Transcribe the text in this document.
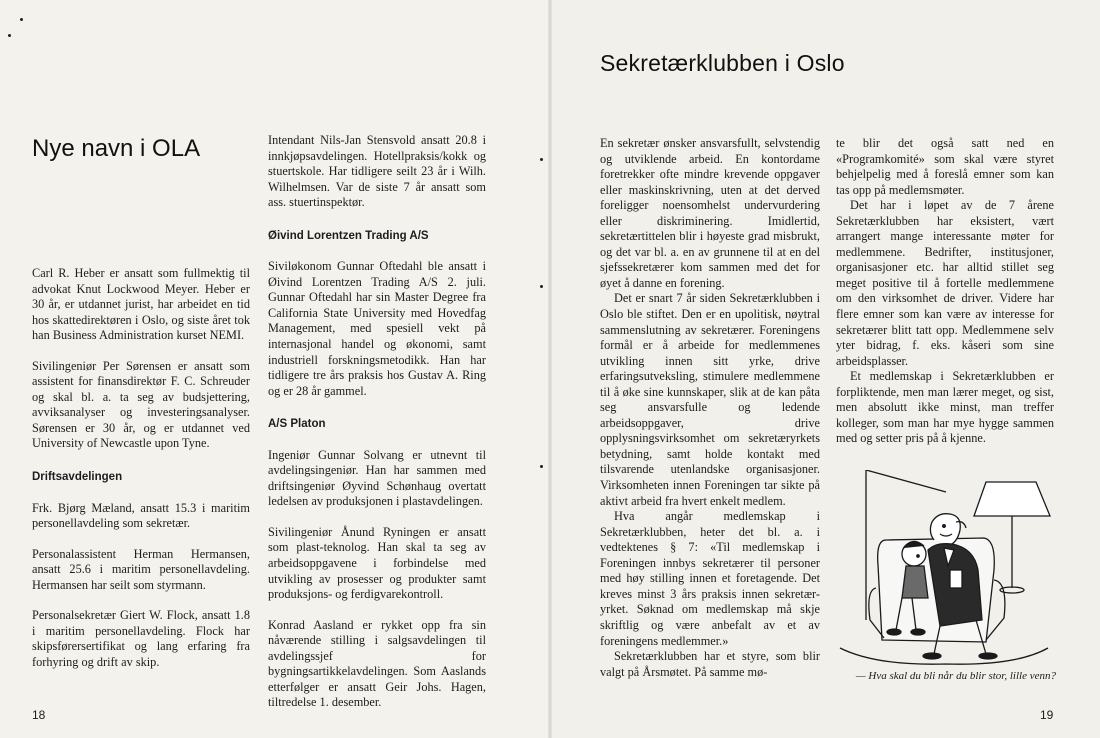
Nye navn i OLA
Sekretærklubben i Oslo

Carl R. Heber er ansatt som fullmektig til advokat Knut Lockwood Meyer. Heber er 30 år, er utdannet jurist, har arbeidet en tid hos skattedirektøren i Oslo, og siste året tok han Business Administration kurset NEMI.

Sivilingeniør Per Sørensen er ansatt som assistent for finansdirektør F. C. Schreuder og skal bl. a. ta seg av budsjettering, avviksanalyser og investeringsanalyser. Sørensen er 30 år, og er utdannet ved University of Newcastle upon Tyne.

Driftsavdelingen

Frk. Bjørg Mæland, ansatt 15.3 i maritim personellavdeling som sekretær.

Personalassistent Herman Hermansen, ansatt 25.6 i maritim personellavdeling. Hermansen har seilt som styrmann.

Personalsekretær Giert W. Flock, ansatt 1.8 i maritim personellavdeling. Flock har skipsførersertifikat og lang erfaring fra forhyring og drift av skip.

Intendant Nils-Jan Stensvold ansatt 20.8 i innkjøpsavdelingen. Hotellpraksis/kokk og stuertskole. Har tidligere seilt 23 år i Wilh. Wilhelmsen. Var de siste 7 år ansatt som ass. stuertinspektør.

Øivind Lorentzen Trading A/S

Siviløkonom Gunnar Oftedahl ble ansatt i Øivind Lorentzen Trading A/S 2. juli. Gunnar Oftedahl har sin Master Degree fra California State University med Hovedfag Management, med spesiell vekt på internasjonal handel og økonomi, samt industriell forskningsmetodikk. Han har tidligere tre års praksis hos Gustav A. Ring og er 28 år gammel.

A/S Platon

Ingeniør Gunnar Solvang er utnevnt til avdelingsingeniør. Han har sammen med driftsingeniør Øyvind Schønhaug overtatt ledelsen av produksjonen i plastavdelingen.

Sivilingeniør Ånund Ryningen er ansatt som plast-teknolog. Han skal ta seg av arbeidsoppgavene i forbindelse med utvikling av prosesser og produkter samt produksjons- og ferdigvarekontroll.

Konrad Aasland er rykket opp fra sin nåværende stilling i salgsavdelingen til avdelingssjef for bygningsartikkelavdelingen. Som Aaslands etterfølger er ansatt Geir Johs. Hagen, tiltredelse 1. desember.

En sekretær ønsker ansvarsfullt, selvstendig og utviklende arbeid. En kontordame foretrekker ofte mindre krevende oppgaver eller maskinskrivning, uten at det derved foreligger noensomhelst undervurdering eller diskriminering. Imidlertid, sekretærtittelen blir i høyeste grad misbrukt, og det var bl. a. en av grunnene til at en del sjefssekretærer kom sammen med det for øyet å danne en forening.

Det er snart 7 år siden Sekretærklubben i Oslo ble stiftet. Den er en upolitisk, nøytral sammenslutning av sekretærer. Foreningens formål er å arbeide for medlemmenes utvikling innen sitt yrke, drive erfaringsutveksling, stimulere medlemmene til å øke sine kunnskaper, slik at de kan påta seg ansvarsfulle og ledende arbeidsoppgaver, drive opplysningsvirksomhet om sekretæryrkets betydning, samt holde kontakt med tilsvarende utenlandske organisasjoner. Virksomheten innen Foreningen tar sikte på aktivt arbeid fra hvert enkelt medlem.

Hva angår medlemskap i Sekretærklubben, heter det bl. a. i vedtektenes § 7: «Til medlemskap i Foreningen innbys sekretærer til personer med høy stilling innen et foretagende. Det kreves minst 3 års praksis innen sekretær-yrket. Søknad om medlemskap må skje skriftlig og være anbefalt av et av foreningens medlemmer.»

Sekretærklubben har et styre, som blir valgt på Årsmøtet. På samme mø-

te blir det også satt ned en «Programkomité» som skal være styret behjelpelig med å foreslå emner som kan tas opp på medlemsmøter.

Det har i løpet av de 7 årene Sekretærklubben har eksistert, vært arrangert mange interessante møter for medlemmene. Bedrifter, institusjoner, organisasjoner etc. har alltid stillet seg meget positive til å fortelle medlemmene om den virksomhet de driver. Videre har flere emner som kan være av interesse for sekretærer blitt tatt opp. Medlemmene selv yter bidrag, f. eks. kåseri som sine arbeidsplasser.

Et medlemskap i Sekretærklubben er forpliktende, men man lærer meget, og sist, men absolutt ikke minst, man treffer kolleger, som man har mye hygge sammen med og setter pris på å kjenne.

— Hva skal du bli når du blir stor, lille venn?
18	19
